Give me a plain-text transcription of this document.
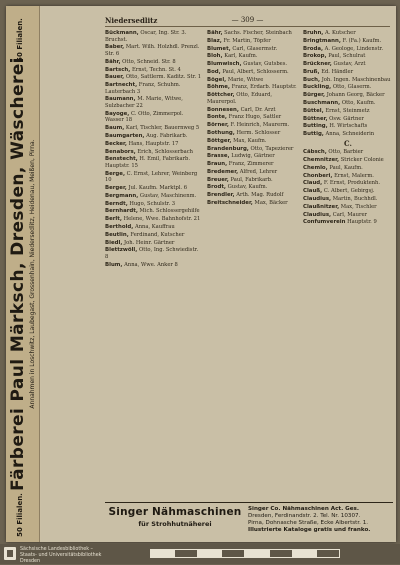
50 Filialen.
Färberei Paul Märksch, Dresden, Wäscherei Annahmen in Loschwitz, Laubegast, Grossenhain, Niedersedlitz, Heidenau, Meißen, Pirna.
50 Filialen.
Niedersedlitz	— 309 —
Bückmann, Oscar, Ing. Str. 3. Bruchst.
Baber, Mart. Wilh. Holzhdl. Prenzl. Str. 6
Bähr, Otto, Schneid. Str. 8
Bartsch, Ernst, Techn. St. 4
Bauer, Otto, Sattlerm. Kaditz. Str. 1
Bartnecht, Franz, Schuhm. Lauterbach 3
Baumann, M. Marie, Witwe, Sulzbacher 22
Bayoge, C. Otto, Zimmerpol. Wasser 18
Baum, Karl, Tischler, Bauernweg 5
Baumgarten, Aug. Fabrikarb.
Becker, Hans, Hauptstr. 17
Benabors, Erich, Schlosserbach
Benstecht, H. Emil, Fabrikarb. Hauptstr. 15
Berge, C. Ernst, Lehrer, Weinberg 10
Berger, Jul. Kaufm. Marktpl. 6
Bergmann, Gustav, Maschinenm.
Berndt, Hugo, Schulstr. 3
Bernhardt, Mich. Schlossergehilfe
Berlt, Helene, Wwe. Bahnhofstr. 21
Berthold, Anna, Kauffrau
Beutlin, Ferdinand, Kutscher
Biedl, Joh. Heinr. Gärtner
Blettzwöll, Otto, Ing. Schwiedistr. 8
Blum, Anna, Wwe. Anker 8
Bähr, Sachs. Fischer, Steinbach
Blaz, Fr. Martin, Töpfer
Blumet, Carl, Glasermstr.
Bloh, Karl, Kaufm.
Blumwisch, Gustav, Gutsbes.
Bod, Paul, Albert, Schlosserm.
Bögel, Marie, Witwe
Böhme, Franz, Erdarb. Hauptstr.
Böttcher, Otto, Eduard, Maurerpol.
Bonnesen, Carl, Dr. Arzt
Bonte, Franz Hugo, Sattler
Börner, F. Heinrich, Maurerm.
Bothung, Herm. Schlosser
Böttger, Max, Kaufm.
Brandenburg, Otto, Tapezierer
Brasse, Ludwig, Gärtner
Braun, Franz, Zimmerer
Bredemer, Alfred, Lehrer
Breuer, Paul, Fabrikarb.
Brodt, Gustav, Kaufm.
Brendler, Arth. Mag. Rudolf
Breitschneider, Max, Bäcker
Bruhn, A. Kutscher
Bringtmann, F. (Fa.) Kaufm.
Broda, A. Geologe, Lindenstr.
Brokop, Paul, Schulrat
Brückner, Gustav, Arzt
Bruß, Ed. Händler
Buch, Joh. Ingen. Maschinenbau
Buckling, Otto, Glaserm.
Bürger, Johann Georg, Bäcker
Buschmann, Otto, Kaufm.
Büttel, Ernst, Steinmetz
Büttner, Osw. Gärtner
Butting, H. Wirtschafts
Buttig, Anna, Schneiderin
C.
Cäbsch, Otto, Barbier
Chemnitzer, Stricker Colonie
Chemlo, Paul, Kaufm.
Chonberi, Ernst, Malerm.
Claud, F. Ernst, Produktenh.
Clauß, C. Albert, Gebirgsj.
Claudius, Martin, Buchhdl.
Claußnitzer, Max, Tischler
Claudius, Carl, Maurer
Confumverein Hauptstr. 9
Singer Nähmaschinen
für Strohhutnäherei
Singer Co. Nähmaschinen Act. Ges.
Dresden, Ferdinandstr. 2. Tel. Nr. 10307.
Pirna, Dohnasche Straße, Ecke Albertstr. 1.
Illustrierte Kataloge gratis und franko.
Sächsische Landesbibliothek –
Staats- und Universitätsbibliothek
Dresden
